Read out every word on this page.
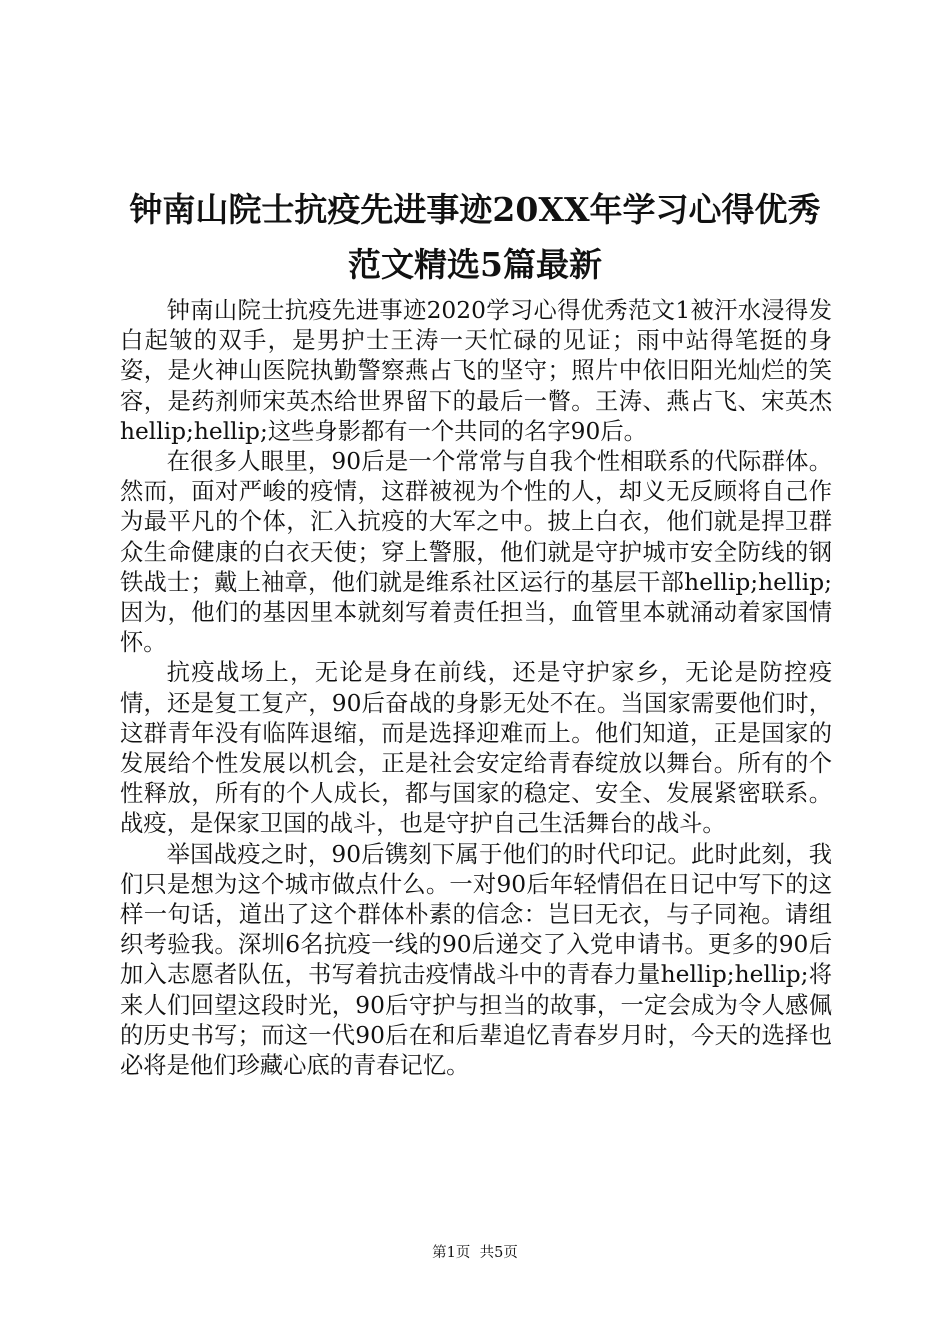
钟南山院士抗疫先进事迹20XX年学习心得优秀范文精选5篇最新

钟南山院士抗疫先进事迹2020学习心得优秀范文1被汗水浸得发白起皱的双手，是男护士王涛一天忙碌的见证；雨中站得笔挺的身姿，是火神山医院执勤警察燕占飞的坚守；照片中依旧阳光灿烂的笑容，是药剂师宋英杰给世界留下的最后一瞥。王涛、燕占飞、宋英杰hellip;hellip;这些身影都有一个共同的名字90后。

在很多人眼里，90后是一个常常与自我个性相联系的代际群体。然而，面对严峻的疫情，这群被视为个性的人，却义无反顾将自己作为最平凡的个体，汇入抗疫的大军之中。披上白衣，他们就是捍卫群众生命健康的白衣天使；穿上警服，他们就是守护城市安全防线的钢铁战士；戴上袖章，他们就是维系社区运行的基层干部hellip;hellip;因为，他们的基因里本就刻写着责任担当，血管里本就涌动着家国情怀。

抗疫战场上，无论是身在前线，还是守护家乡，无论是防控疫情，还是复工复产，90后奋战的身影无处不在。当国家需要他们时，这群青年没有临阵退缩，而是选择迎难而上。他们知道，正是国家的发展给个性发展以机会，正是社会安定给青春绽放以舞台。所有的个性释放，所有的个人成长，都与国家的稳定、安全、发展紧密联系。战疫，是保家卫国的战斗，也是守护自己生活舞台的战斗。

举国战疫之时，90后镌刻下属于他们的时代印记。此时此刻，我们只是想为这个城市做点什么。一对90后年轻情侣在日记中写下的这样一句话，道出了这个群体朴素的信念：岂曰无衣，与子同袍。请组织考验我。深圳6名抗疫一线的90后递交了入党申请书。更多的90后加入志愿者队伍，书写着抗击疫情战斗中的青春力量hellip;hellip;将来人们回望这段时光，90后守护与担当的故事，一定会成为令人感佩的历史书写；而这一代90后在和后辈追忆青春岁月时，今天的选择也必将是他们珍藏心底的青春记忆。

第1页  共5页
